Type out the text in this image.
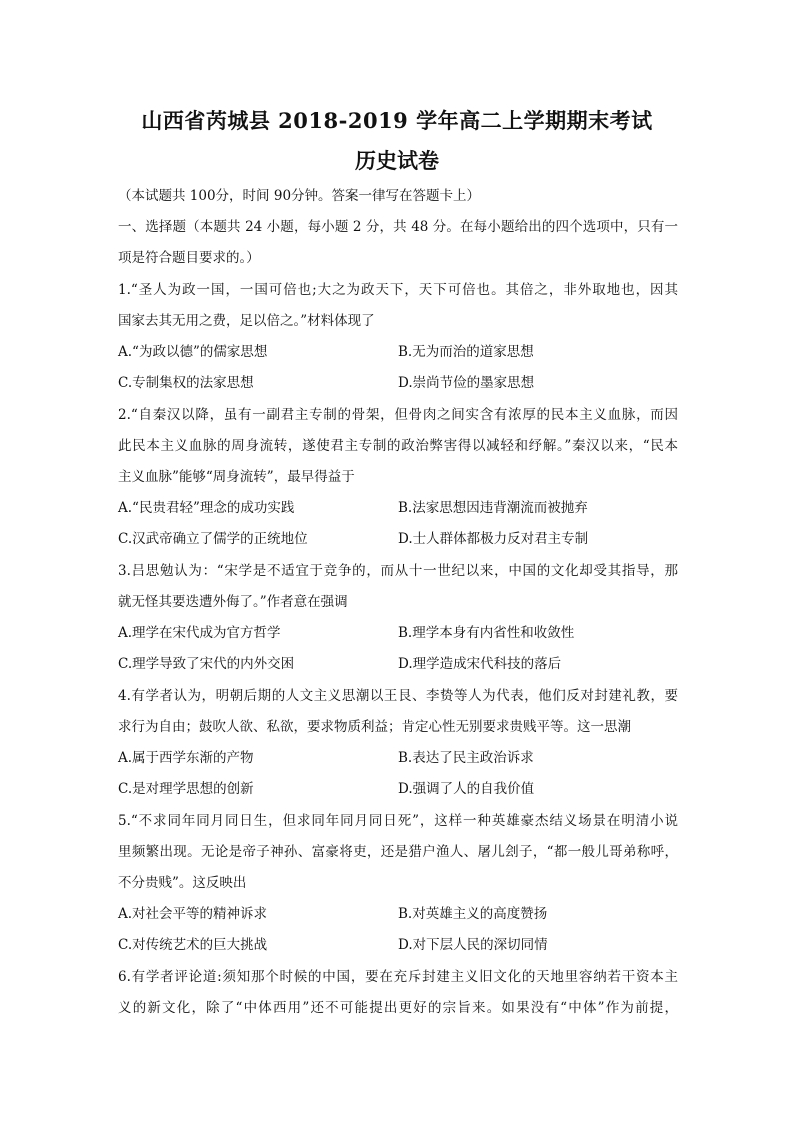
山西省芮城县 2018-2019 学年高二上学期期末考试
历史试卷
（本试题共 100分，时间 90分钟。答案一律写在答题卡上）
一、选择题（本题共 24 小题，每小题 2 分，共 48 分。在每小题给出的四个选项中，只有一
项是符合题目要求的。）
1.“圣人为政一国，一国可倍也;大之为政天下，天下可倍也。其倍之，非外取地也，因其
国家去其无用之费，足以倍之。”材料体现了
A.“为政以德”的儒家思想	B.无为而治的道家思想
C.专制集权的法家思想	D.崇尚节俭的墨家思想
2.“自秦汉以降，虽有一副君主专制的骨架，但骨肉之间实含有浓厚的民本主义血脉，而因
此民本主义血脉的周身流转，遂使君主专制的政治弊害得以减轻和纾解。”秦汉以来，“民本
主义血脉”能够“周身流转”，最早得益于
A.“民贵君轻”理念的成功实践	B.法家思想因违背潮流而被抛弃
C.汉武帝确立了儒学的正统地位	D.士人群体都极力反对君主专制
3.吕思勉认为：“宋学是不适宜于竞争的，而从十一世纪以来，中国的文化却受其指导，那
就无怪其要迭遭外侮了。”作者意在强调
A.理学在宋代成为官方哲学	B.理学本身有内省性和收敛性
C.理学导致了宋代的内外交困	D.理学造成宋代科技的落后
4.有学者认为，明朝后期的人文主义思潮以王艮、李贽等人为代表，他们反对封建礼教，要
求行为自由；鼓吹人欲、私欲，要求物质利益；肯定心性无别要求贵贱平等。这一思潮
A.属于西学东渐的产物	B.表达了民主政治诉求
C.是对理学思想的创新	D.强调了人的自我价值
5.“不求同年同月同日生，但求同年同月同日死”，这样一种英雄豪杰结义场景在明清小说
里频繁出现。无论是帝子神孙、富豪将吏，还是猎户渔人、屠儿刽子，“都一般儿哥弟称呼，
不分贵贱”。这反映出
A.对社会平等的精神诉求	B.对英雄主义的高度赞扬
C.对传统艺术的巨大挑战	D.对下层人民的深切同情
6.有学者评论道:须知那个时候的中国，要在充斥封建主义旧文化的天地里容纳若干资本主
义的新文化，除了“中体西用”还不可能提出更好的宗旨来。如果没有“中体”作为前提，
